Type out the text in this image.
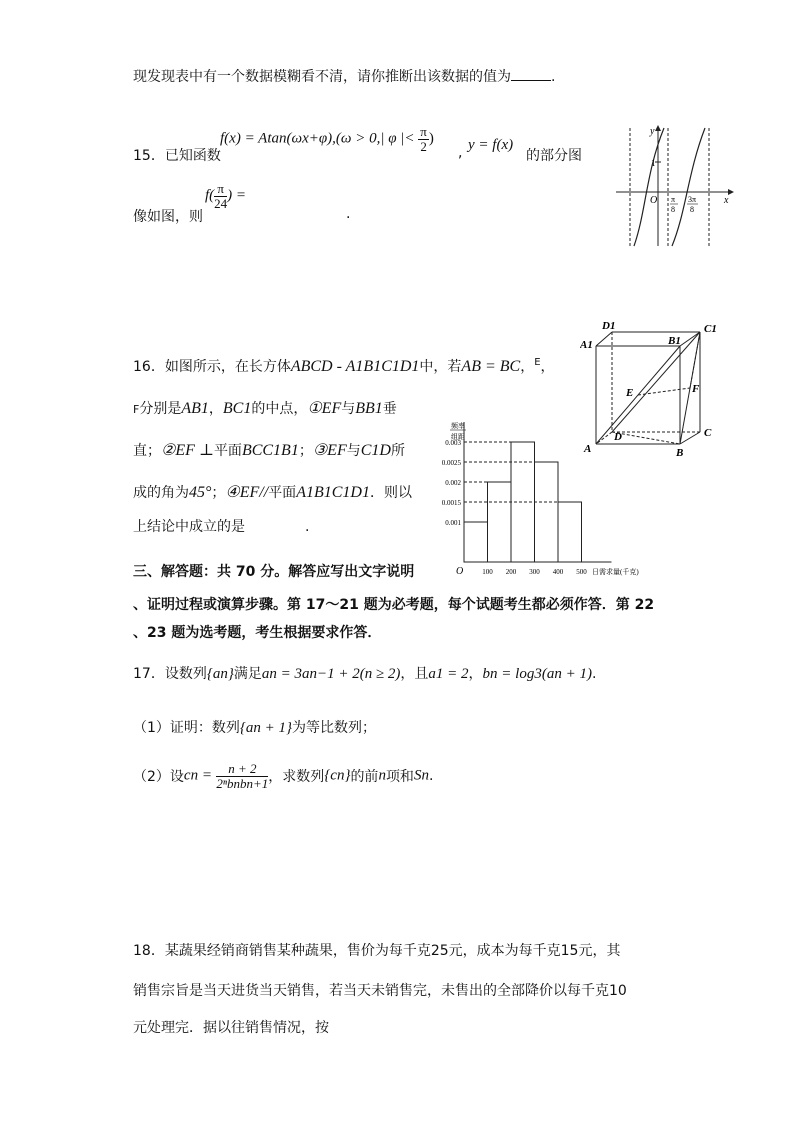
现发现表中有一个数据模糊看不清，请你推断出该数据的值为	.
15．已知函数
f(x) = Atan(ωx+φ),(ω > 0,| φ |< $\frac{\pi}{2}$ )
, y = f(x)
的部分图
像如图，则
$f( \frac{\pi}{24}$ ) =
.
y
x
O
1
π
8
3π
8
16．如图所示，在长方体ABCD - A1B1C1D1中，若AB = BC，$^E$，
F分别是AB1，BC1的中点，①EF与BB1垂
直；②EF ⊥平面BCC1B1；③EF与C1D所
成的角为45°；④EF//平面A1B1C1D1．则以
上结论中成立的是	.
D1
B1
C1
A1
E	F
D	C
A	B
0.001
0.0015
0.002
0.0025
0.003
100 200 300 400 500
频率
组距
O	日需求量(千克)
三、解答题：共 70 分。解答应写出文字说明
、证明过程或演算步骤。第 17～21 题为必考题，每个试题考生都必须作答．第 22
、23 题为选考题，考生根据要求作答．
17．设数列{an}满足an = 3an−1 + 2(n ≥ 2)，且a1 = 2，bn = log3(an + 1).
（1）证明：数列{an + 1}为等比数列；
（2）设cn = $\frac{n + 2}{\text{2ⁿbnbn+1}}$ ，求数列{cn}的前n项和Sn.
18．某蔬果经销商销售某种蔬果，售价为每千克25元，成本为每千克15元，其
销售宗旨是当天进货当天销售，若当天未销售完，未售出的全部降价以每千克10
元处理完．据以往销售情况，按
